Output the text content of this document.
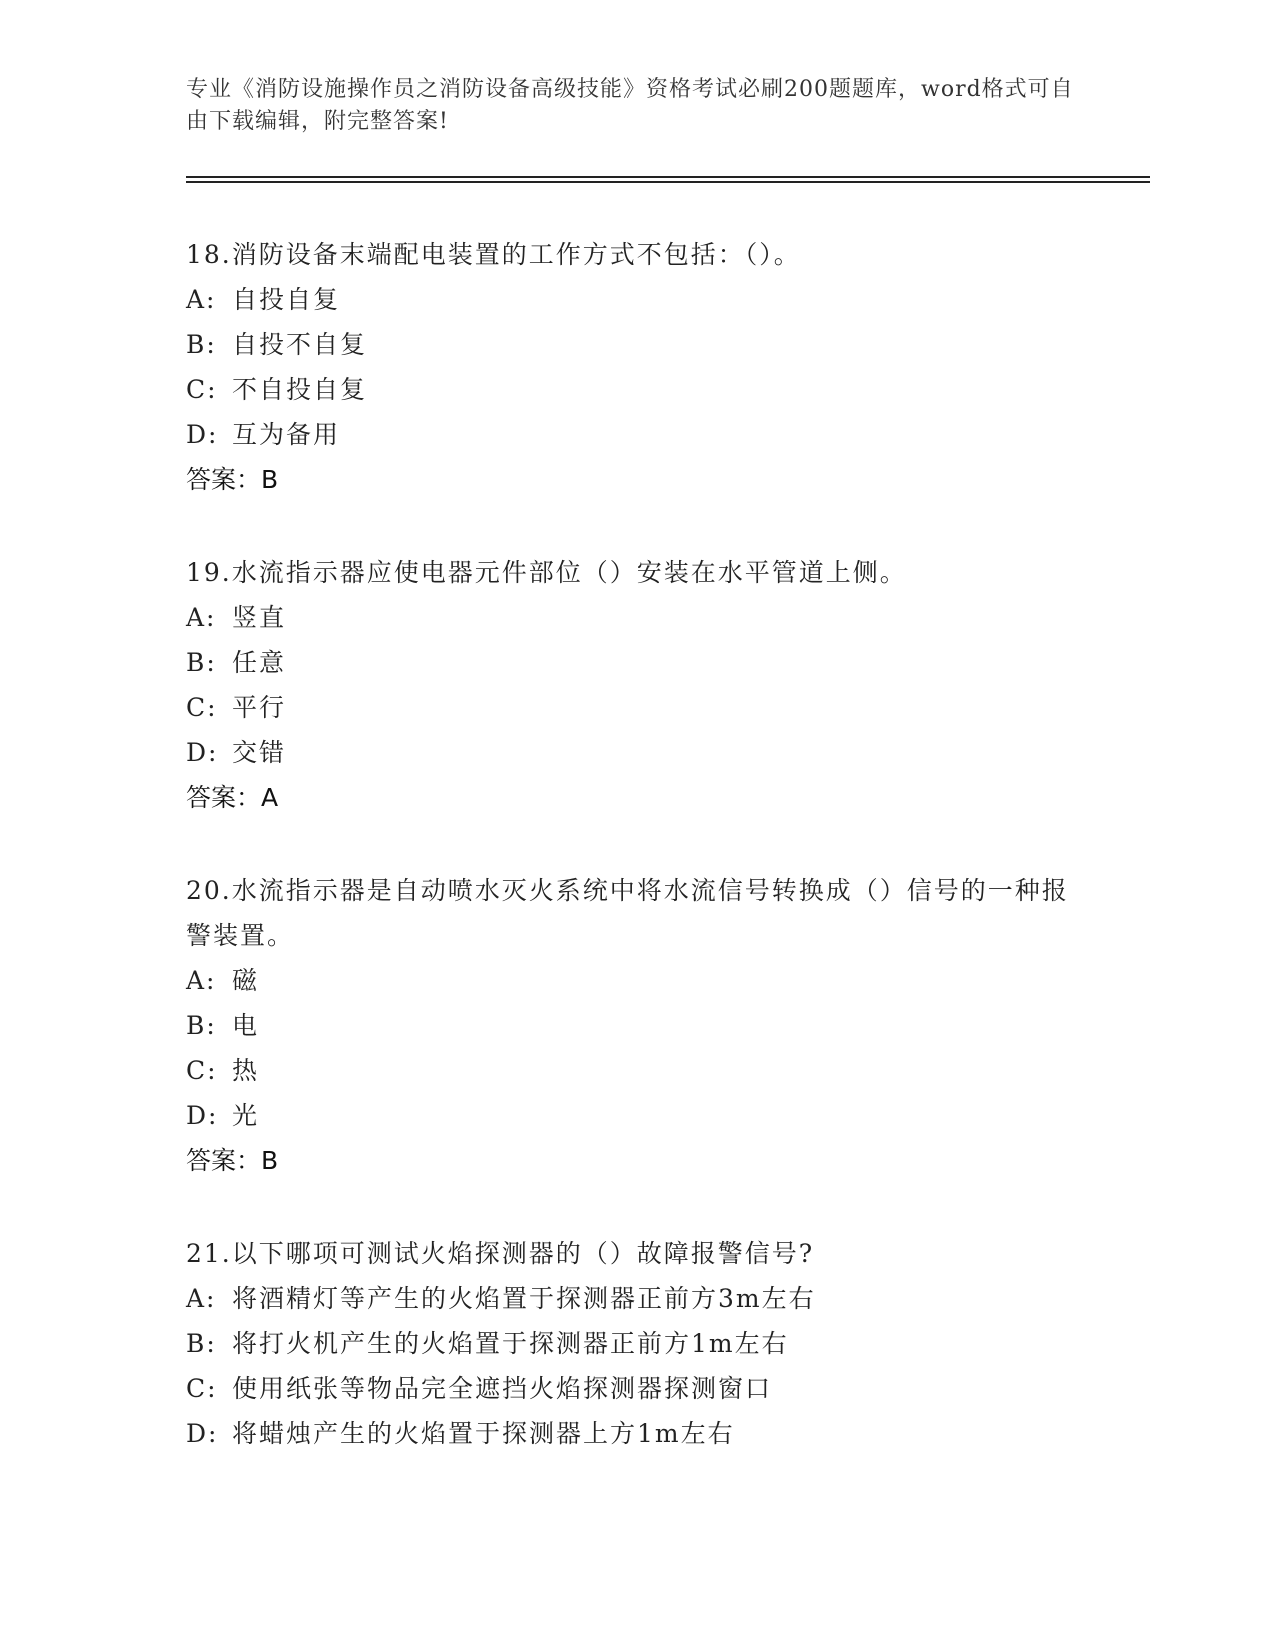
专业《消防设施操作员之消防设备高级技能》资格考试必刷200题题库，word格式可自由下载编辑，附完整答案!
18.消防设备末端配电装置的工作方式不包括：（）。
A: 自投自复
B: 自投不自复
C: 不自投自复
D: 互为备用
答案：B
19.水流指示器应使电器元件部位（）安装在水平管道上侧。
A: 竖直
B: 任意
C: 平行
D: 交错
答案：A
20.水流指示器是自动喷水灭火系统中将水流信号转换成（）信号的一种报警装置。
A: 磁
B: 电
C: 热
D: 光
答案：B
21.以下哪项可测试火焰探测器的（）故障报警信号?
A: 将酒精灯等产生的火焰置于探测器正前方3m左右
B: 将打火机产生的火焰置于探测器正前方1m左右
C: 使用纸张等物品完全遮挡火焰探测器探测窗口
D: 将蜡烛产生的火焰置于探测器上方1m左右
